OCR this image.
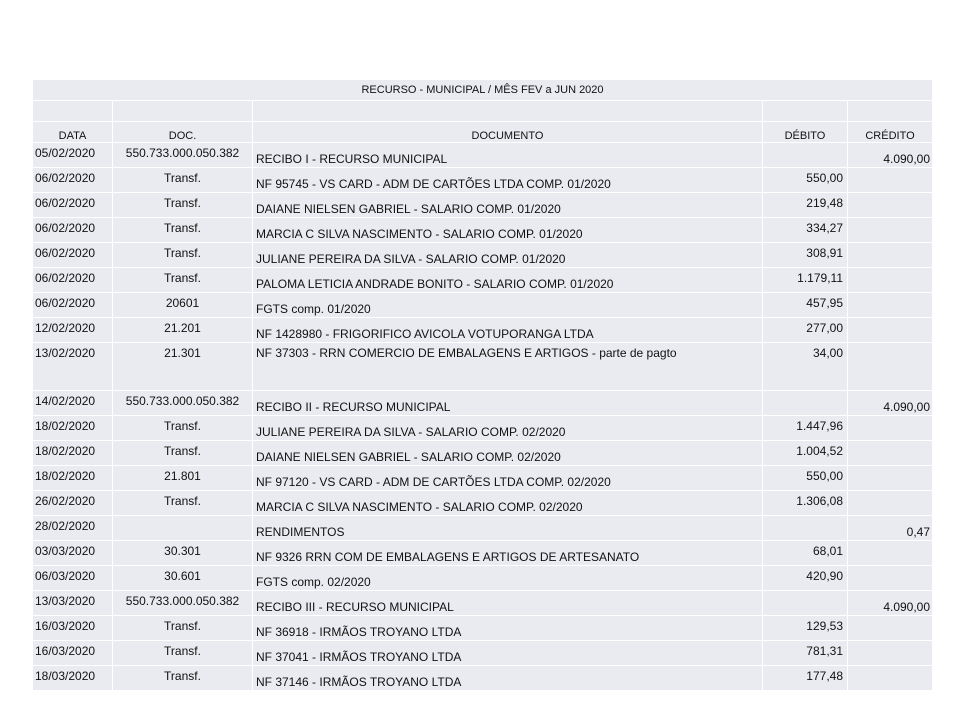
RECURSO - MUNICIPAL / MÊS FEV a JUN 2020				

DATA	DOC.	DOCUMENTO	DÉBITO	CRÉDITO
05/02/2020	550.733.000.050.382	RECIBO I - RECURSO MUNICIPAL		4.090,00
06/02/2020	Transf.	NF 95745 - VS CARD - ADM DE CARTÕES LTDA COMP. 01/2020	550,00	
06/02/2020	Transf.	DAIANE NIELSEN GABRIEL - SALARIO COMP. 01/2020	219,48	
06/02/2020	Transf.	MARCIA C SILVA NASCIMENTO - SALARIO COMP. 01/2020	334,27	
06/02/2020	Transf.	JULIANE PEREIRA DA SILVA - SALARIO COMP. 01/2020	308,91	
06/02/2020	Transf.	PALOMA LETICIA ANDRADE BONITO - SALARIO COMP. 01/2020	1.179,11	
06/02/2020	20601	FGTS comp. 01/2020	457,95	
12/02/2020	21.201	NF 1428980 - FRIGORIFICO AVICOLA VOTUPORANGA LTDA	277,00	
13/02/2020	21.301	NF 37303 - RRN COMERCIO DE EMBALAGENS E ARTIGOS - parte de pagto	34,00	
14/02/2020	550.733.000.050.382	RECIBO II - RECURSO MUNICIPAL		4.090,00
18/02/2020	Transf.	JULIANE PEREIRA DA SILVA - SALARIO COMP. 02/2020	1.447,96	
18/02/2020	Transf.	DAIANE NIELSEN GABRIEL - SALARIO COMP. 02/2020	1.004,52	
18/02/2020	21.801	NF 97120 - VS CARD - ADM DE CARTÕES LTDA COMP. 02/2020	550,00	
26/02/2020	Transf.	MARCIA C SILVA NASCIMENTO - SALARIO COMP. 02/2020	1.306,08	
28/02/2020		RENDIMENTOS		0,47
03/03/2020	30.301	NF 9326 RRN COM DE EMBALAGENS E ARTIGOS DE ARTESANATO	68,01	
06/03/2020	30.601	FGTS comp. 02/2020	420,90	
13/03/2020	550.733.000.050.382	RECIBO III - RECURSO MUNICIPAL		4.090,00
16/03/2020	Transf.	NF 36918 - IRMÃOS TROYANO LTDA	129,53	
16/03/2020	Transf.	NF 37041 - IRMÃOS TROYANO LTDA	781,31	
18/03/2020	Transf.	NF 37146 - IRMÃOS TROYANO LTDA	177,48	
